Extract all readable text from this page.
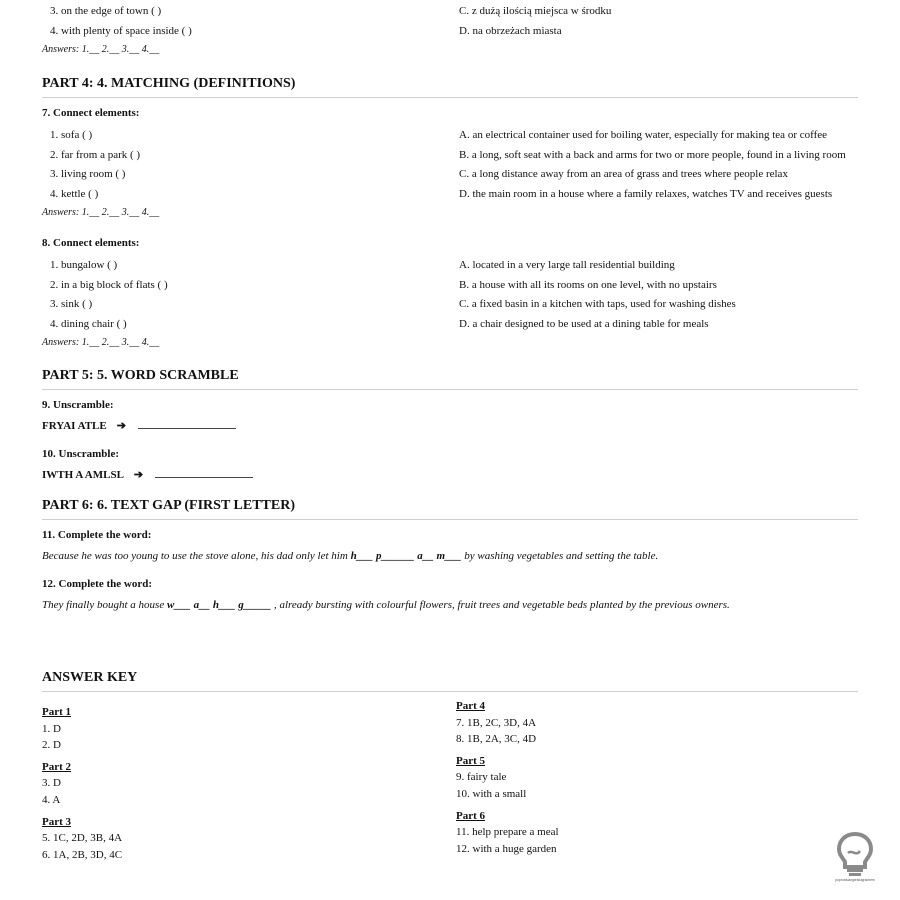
3. on the edge of town ( )	C. z dużą ilością miejsca w środku
4. with plenty of space inside ( )	D. na obrzeżach miasta
Answers: 1.__ 2.__ 3.__ 4.__
PART 4: 4. MATCHING (DEFINITIONS)
7. Connect elements:
1. sofa ( )	A. an electrical container used for boiling water, especially for making tea or coffee
2. far from a park ( )	B. a long, soft seat with a back and arms for two or more people, found in a living room
3. living room ( )	C. a long distance away from an area of grass and trees where people relax
4. kettle ( )	D. the main room in a house where a family relaxes, watches TV and receives guests
Answers: 1.__ 2.__ 3.__ 4.__
8. Connect elements:
1. bungalow ( )	A. located in a very large tall residential building
2. in a big block of flats ( )	B. a house with all its rooms on one level, with no upstairs
3. sink ( )	C. a fixed basin in a kitchen with taps, used for washing dishes
4. dining chair ( )	D. a chair designed to be used at a dining table for meals
Answers: 1.__ 2.__ 3.__ 4.__
PART 5: 5. WORD SCRAMBLE
9. Unscramble:
FRYAI ATLE ➔
10. Unscramble:
IWTH A AMLSL ➔
PART 6: 6. TEXT GAP (FIRST LETTER)
11. Complete the word:
Because he was too young to use the stove alone, his dad only let him h___ p______ a__ m___ by washing vegetables and setting the table.
12. Complete the word:
They finally bought a house w___ a__ h___ g_____ , already bursting with colourful flowers, fruit trees and vegetable beds planted by the previous owners.
ANSWER KEY
Part 1
1. D
2. D
Part 2
3. D
4. A
Part 3
5. 1C, 2D, 3B, 4A
6. 1A, 2B, 3D, 4C
Part 4
7. 1B, 2C, 3D, 4A
8. 1B, 2A, 3C, 4D
Part 5
9. fairy tale
10. with a small
Part 6
11. help prepare a meal
12. with a huge garden
poprostuangielskigrachem
